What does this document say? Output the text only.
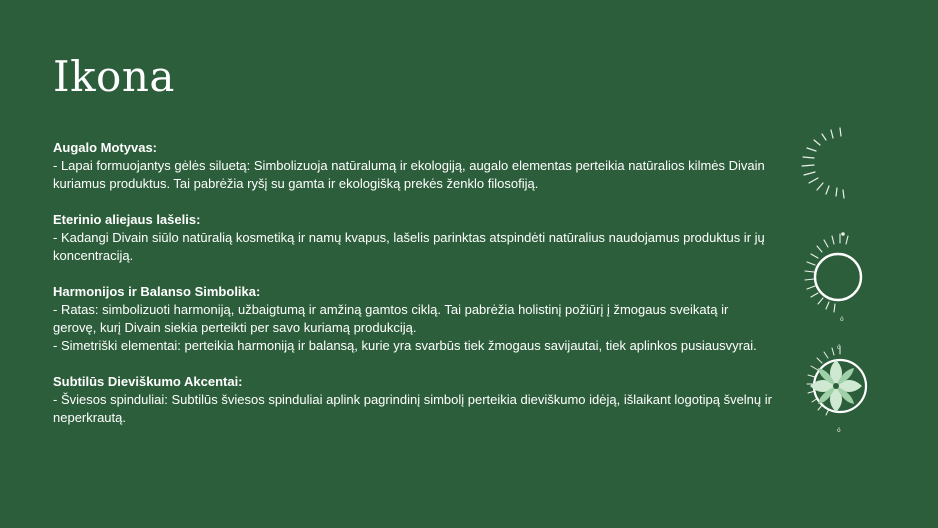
Ikona
Augalo Motyvas:
- Lapai formuojantys gėlės siluetą: Simbolizuoja natūralumą ir ekologiją, augalo elementas perteikia natūralios kilmės Divain kuriamus produktus. Tai pabrėžia ryšį su gamta ir ekologišką prekės ženklo filosofiją.
Eterinio aliejaus lašelis:
- Kadangi Divain siūlo natūralią kosmetiką ir namų kvapus, lašelis parinktas atspindėti natūralius naudojamus produktus ir jų koncentraciją.
Harmonijos ir Balanso Simbolika:
- Ratas: simbolizuoti harmoniją, užbaigtumą ir amžiną gamtos ciklą. Tai pabrėžia holistinį požiūrį į žmogaus sveikatą ir gerovę, kurį Divain siekia perteikti per savo kuriamą produkciją.
- Simetriški elementai: perteikia harmoniją ir balansą, kurie yra svarbūs tiek žmogaus savijautai, tiek aplinkos pusiausvyrai.
Subtilūs Dieviškumo Akcentai:
- Šviesos spinduliai: Subtilūs šviesos spinduliai aplink pagrindinį simbolį perteikia dieviškumo idėją, išlaikant logotipą švelnų ir neperkrautą.
ó
ó
ó
